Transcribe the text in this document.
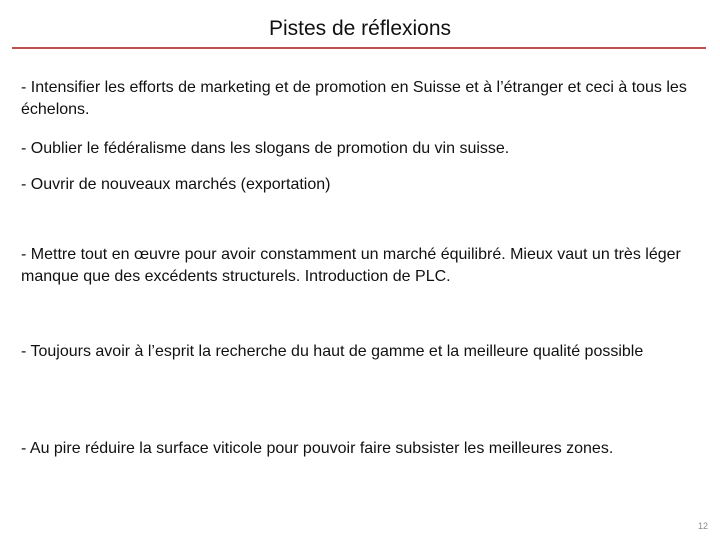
Pistes de réflexions

- Intensifier les efforts de marketing et de promotion en Suisse et à l’étranger et ceci à tous les échelons.

- Oublier le fédéralisme dans les slogans de promotion du vin suisse.

- Ouvrir de nouveaux marchés (exportation)

- Mettre tout en œuvre pour avoir constamment un marché équilibré. Mieux vaut un très léger manque que des excédents structurels. Introduction de PLC.

- Toujours avoir à l’esprit la recherche du haut de gamme et la meilleure qualité possible

- Au pire réduire la surface viticole pour pouvoir faire subsister les meilleures zones.

12
